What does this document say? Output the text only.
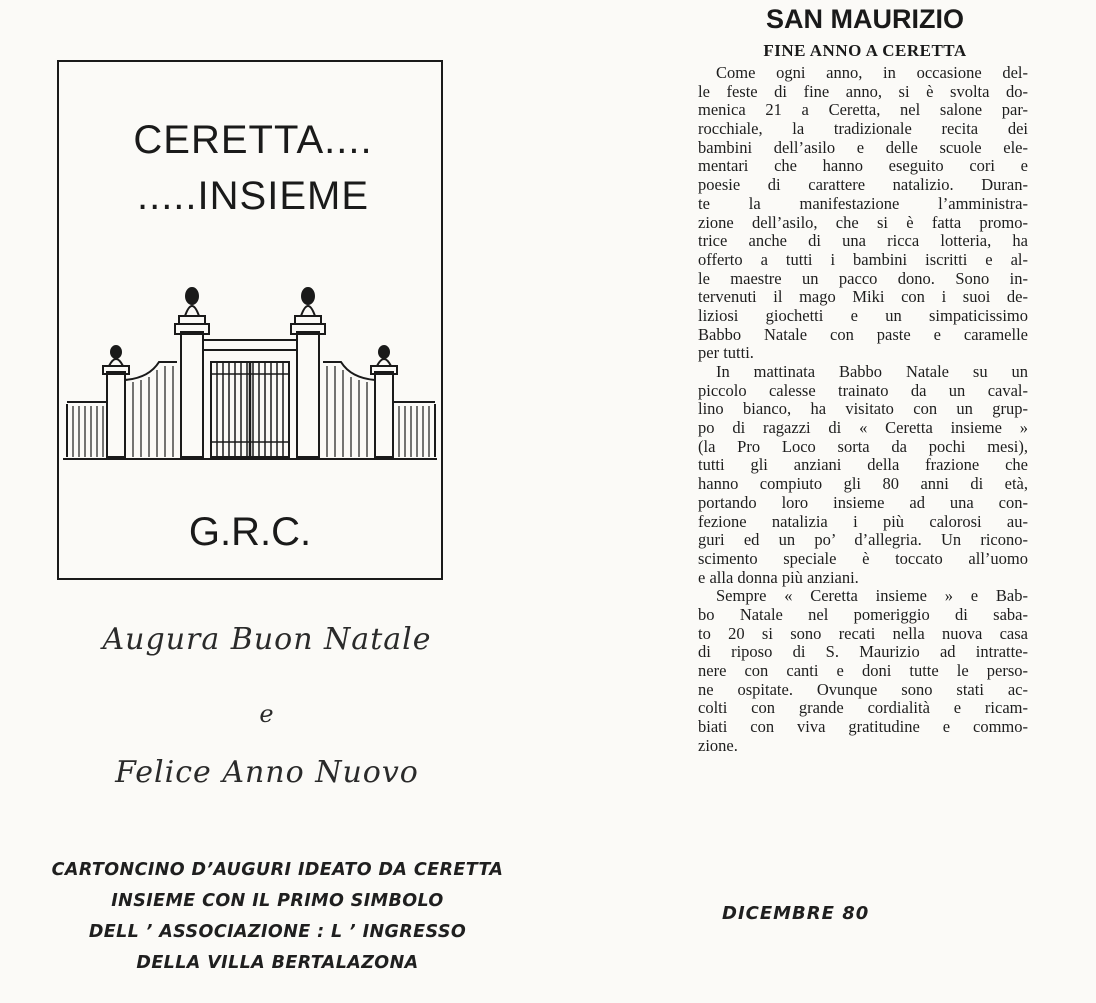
CERETTA....
.....INSIEME
G.R.C.
Augura Buon Natale
e
Felice Anno Nuovo
CARTONCINO D’AUGURI IDEATO DA CERETTA
INSIEME CON IL PRIMO SIMBOLO
DELL ’ ASSOCIAZIONE : L ’ INGRESSO
DELLA VILLA BERTALAZONA
SAN MAURIZIO
FINE ANNO A CERETTA
Come ogni anno, in occasione del-
le feste di fine anno, si è svolta do-
menica 21 a Ceretta, nel salone par-
rocchiale, la tradizionale recita dei
bambini dell’asilo e delle scuole ele-
mentari che hanno eseguito cori e
poesie di carattere natalizio. Duran-
te la manifestazione l’amministra-
zione dell’asilo, che si è fatta promo-
trice anche di una ricca lotteria, ha
offerto a tutti i bambini iscritti e al-
le maestre un pacco dono. Sono in-
tervenuti il mago Miki con i suoi de-
liziosi giochetti e un simpaticissimo
Babbo Natale con paste e caramelle
per tutti.
In mattinata Babbo Natale su un
piccolo calesse trainato da un caval-
lino bianco, ha visitato con un grup-
po di ragazzi di « Ceretta insieme »
(la Pro Loco sorta da pochi mesi),
tutti gli anziani della frazione che
hanno compiuto gli 80 anni di età,
portando loro insieme ad una con-
fezione natalizia i più calorosi au-
guri ed un po’ d’allegria. Un ricono-
scimento speciale è toccato all’uomo
e alla donna più anziani.
Sempre « Ceretta insieme » e Bab-
bo Natale nel pomeriggio di saba-
to 20 si sono recati nella nuova casa
di riposo di S. Maurizio ad intratte-
nere con canti e doni tutte le perso-
ne ospitate. Ovunque sono stati ac-
colti con grande cordialità e ricam-
biati con viva gratitudine e commo-
zione.
DICEMBRE 80
